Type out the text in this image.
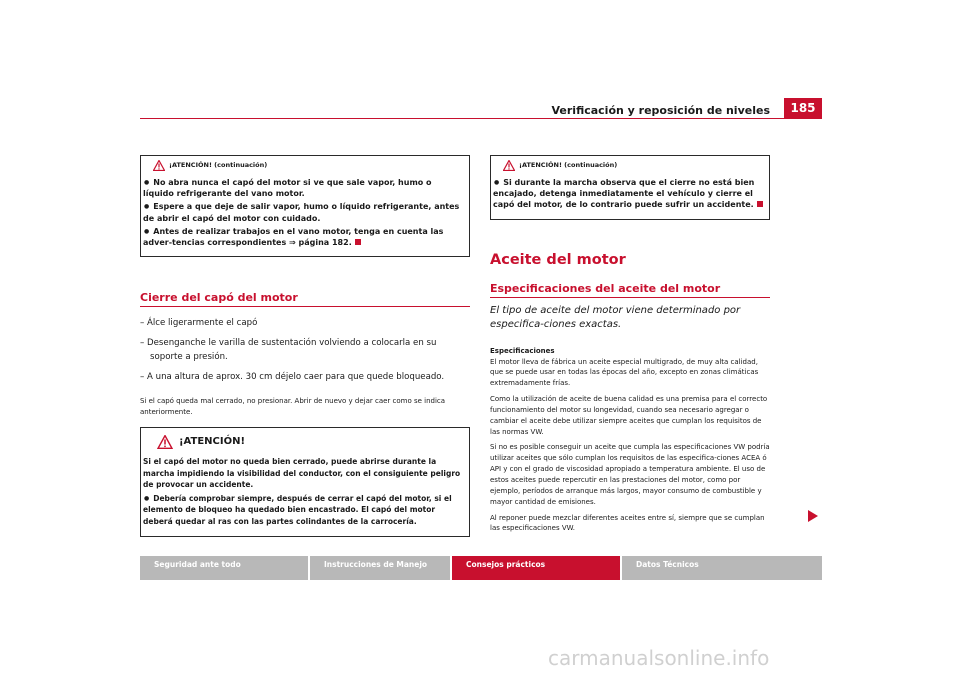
Verificación y reposición de niveles	185
¡ATENCIÓN! (continuación)

● No abra nunca el capó del motor si ve que sale vapor, humo o líquido refrigerante del vano motor.

● Espere a que deje de salir vapor, humo o líquido refrigerante, antes de abrir el capó del motor con cuidado.

● Antes de realizar trabajos en el vano motor, tenga en cuenta las adver-tencias correspondientes ⇒ página 182.

Cierre del capó del motor
– Álce ligerarmente el capó
– Desenganche le varilla de sustentación volviendo a colocarla en su soporte a presión.
– A una altura de aprox. 30 cm déjelo caer para que quede bloqueado.

Si el capó queda mal cerrado, no presionar. Abrir de nuevo y dejar caer como se indica anteriormente.

¡ATENCIÓN!

Si el capó del motor no queda bien cerrado, puede abrirse durante la marcha impidiendo la visibilidad del conductor, con el consiguiente peligro de provocar un accidente.

● Debería comprobar siempre, después de cerrar el capó del motor, si el elemento de bloqueo ha quedado bien encastrado. El capó del motor deberá quedar al ras con las partes colindantes de la carrocería.

¡ATENCIÓN! (continuación)

● Si durante la marcha observa que el cierre no está bien encajado, detenga inmediatamente el vehículo y cierre el capó del motor, de lo contrario puede sufrir un accidente.

Aceite del motor
Especificaciones del aceite del motor

El tipo de aceite del motor viene determinado por especifica-ciones exactas.

Especificaciones

El motor lleva de fábrica un aceite especial multigrado, de muy alta calidad, que se puede usar en todas las épocas del año, excepto en zonas climáticas extremadamente frías.

Como la utilización de aceite de buena calidad es una premisa para el correcto funcionamiento del motor su longevidad, cuando sea necesario agregar o cambiar el aceite debe utilizar siempre aceites que cumplan los requisitos de las normas VW.

Si no es posible conseguir un aceite que cumpla las especificaciones VW podría utilizar aceites que sólo cumplan los requisitos de las especifica-ciones ACEA ó API y con el grado de viscosidad apropiado a temperatura ambiente. El uso de estos aceites puede repercutir en las prestaciones del motor, como por ejemplo, períodos de arranque más largos, mayor consumo de combustible y mayor cantidad de emisiones.

Al reponer puede mezclar diferentes aceites entre sí, siempre que se cumplan las especificaciones VW.

Seguridad ante todo	Instrucciones de Manejo	Consejos prácticos	Datos Técnicos
carmanualsonline.info
